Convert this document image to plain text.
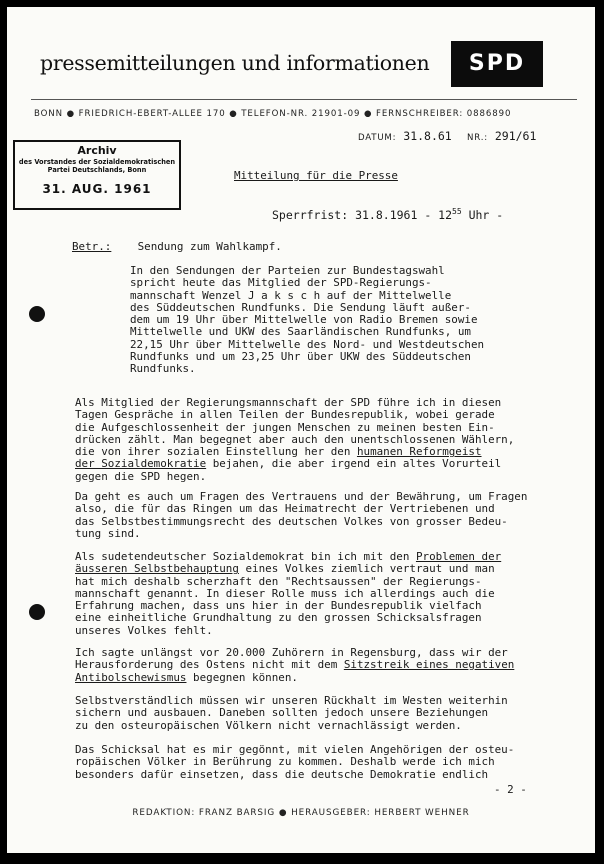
pressemitteilungen und informationen	SPD
BONN ● FRIEDRICH-EBERT-ALLEE 170 ● TELEFON-NR. 21901-09 ● FERNSCHREIBER: 0886890
DATUM: 31.8.61 NR.: 291/61
Archiv
des Vorstandes der Sozialdemokratischen
Partei Deutschlands, Bonn
31. AUG. 1961
Mitteilung für die Presse
Sperrfrist: $31.8.1961 - 12^{55}$ Uhr -
Betr.: Sendung zum Wahlkampf.
In den Sendungen der Parteien zur Bundestagswahl
spricht heute das Mitglied der SPD-Regierungs-
mannschaft Wenzel J a k s c h auf der Mittelwelle
des Süddeutschen Rundfunks. Die Sendung läuft außer-
dem um 19 Uhr über Mittelwelle von Radio Bremen sowie
Mittelwelle und UKW des Saarländischen Rundfunks, um
22,15 Uhr über Mittelwelle des Nord- und Westdeutschen
Rundfunks und um 23,25 Uhr über UKW des Süddeutschen
Rundfunks.
Als Mitglied der Regierungsmannschaft der SPD führe ich in diesen
Tagen Gespräche in allen Teilen der Bundesrepublik, wobei gerade
die Aufgeschlossenheit der jungen Menschen zu meinen besten Ein-
drücken zählt. Man begegnet aber auch den unentschlossenen Wählern,
die von ihrer sozialen Einstellung her den humanen Reformgeist
der Sozialdemokratie bejahen, die aber irgend ein altes Vorurteil
gegen die SPD hegen.
Da geht es auch um Fragen des Vertrauens und der Bewährung, um Fragen
also, die für das Ringen um das Heimatrecht der Vertriebenen und
das Selbstbestimmungsrecht des deutschen Volkes von grosser Bedeu-
tung sind.
Als sudetendeutscher Sozialdemokrat bin ich mit den Problemen der
äusseren Selbstbehauptung eines Volkes ziemlich vertraut und man
hat mich deshalb scherzhaft den "Rechtsaussen" der Regierungs-
mannschaft genannt. In dieser Rolle muss ich allerdings auch die
Erfahrung machen, dass uns hier in der Bundesrepublik vielfach
eine einheitliche Grundhaltung zu den grossen Schicksalsfragen
unseres Volkes fehlt.
Ich sagte unlängst vor 20.000 Zuhörern in Regensburg, dass wir der
Herausforderung des Ostens nicht mit dem Sitzstreik eines negativen
Antibolschewismus begegnen können.
Selbstverständlich müssen wir unseren Rückhalt im Westen weiterhin
sichern und ausbauen. Daneben sollten jedoch unsere Beziehungen
zu den osteuropäischen Völkern nicht vernachlässigt werden.
Das Schicksal hat es mir gegönnt, mit vielen Angehörigen der osteu-
ropäischen Völker in Berührung zu kommen. Deshalb werde ich mich
besonders dafür einsetzen, dass die deutsche Demokratie endlich
- 2 -
REDAKTION: FRANZ BARSIG ● HERAUSGEBER: HERBERT WEHNER
